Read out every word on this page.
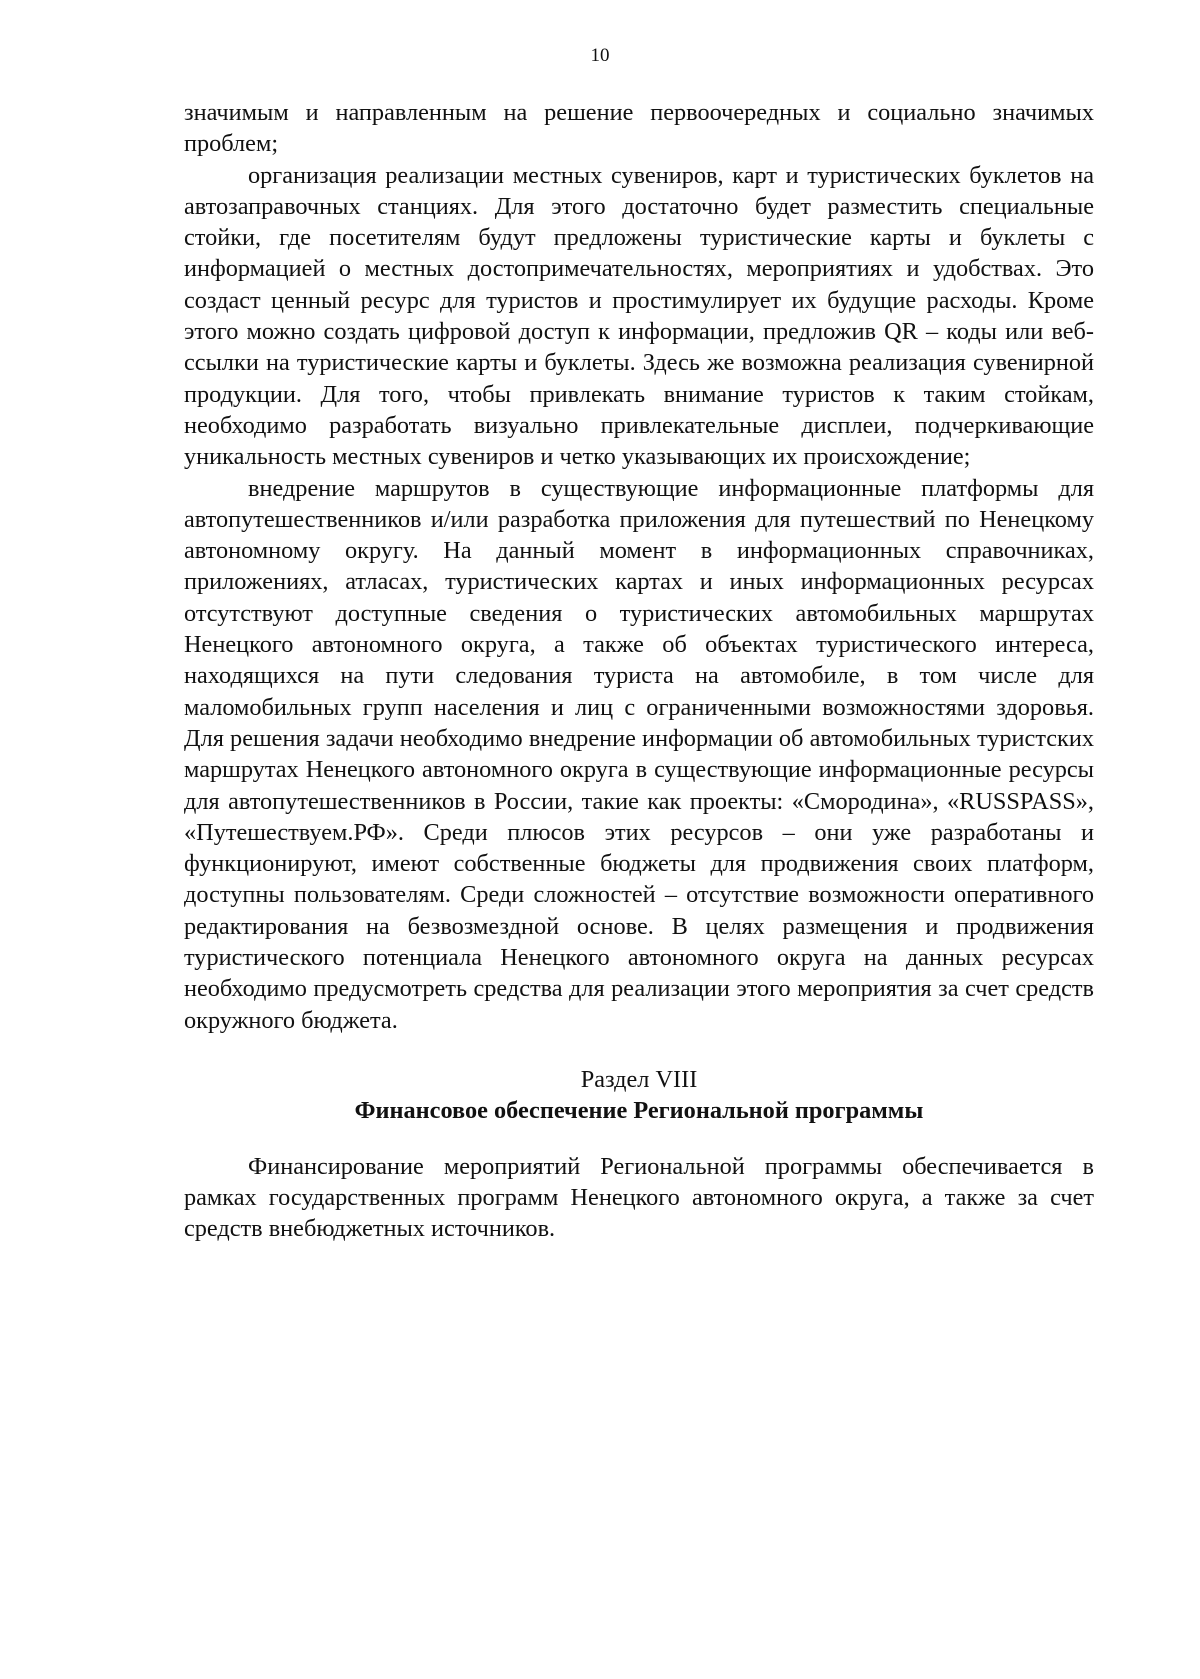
10

значимым и направленным на решение первоочередных и социально значимых проблем;

организация реализации местных сувениров, карт и туристических буклетов на автозаправочных станциях. Для этого достаточно будет разместить специальные стойки, где посетителям будут предложены туристические карты и буклеты с информацией о местных достопримечательностях, мероприятиях и удобствах. Это создаст ценный ресурс для туристов и простимулирует их будущие расходы. Кроме этого можно создать цифровой доступ к информации, предложив QR – коды или веб-ссылки на туристические карты и буклеты. Здесь же возможна реализация сувенирной продукции. Для того, чтобы привлекать внимание туристов к таким стойкам, необходимо разработать визуально привлекательные дисплеи, подчеркивающие уникальность местных сувениров и четко указывающих их происхождение;

внедрение маршрутов в существующие информационные платформы для автопутешественников и/или разработка приложения для путешествий по Ненецкому автономному округу. На данный момент в информационных справочниках, приложениях, атласах, туристических картах и иных информационных ресурсах отсутствуют доступные сведения о туристических автомобильных маршрутах Ненецкого автономного округа, а также об объектах туристического интереса, находящихся на пути следования туриста на автомобиле, в том числе для маломобильных групп населения и лиц с ограниченными возможностями здоровья. Для решения задачи необходимо внедрение информации об автомобильных туристских маршрутах Ненецкого автономного округа в существующие информационные ресурсы для автопутешественников в России, такие как проекты: «Смородина», «RUSSPASS», «Путешествуем.РФ». Среди плюсов этих ресурсов – они уже разработаны и функционируют, имеют собственные бюджеты для продвижения своих платформ, доступны пользователям. Среди сложностей – отсутствие возможности оперативного редактирования на безвозмездной основе. В целях размещения и продвижения туристического потенциала Ненецкого автономного округа на данных ресурсах необходимо предусмотреть средства для реализации этого мероприятия за счет средств окружного бюджета.

Раздел VIII
Финансовое обеспечение Региональной программы

Финансирование мероприятий Региональной программы обеспечивается в рамках государственных программ Ненецкого автономного округа, а также за счет средств внебюджетных источников.
